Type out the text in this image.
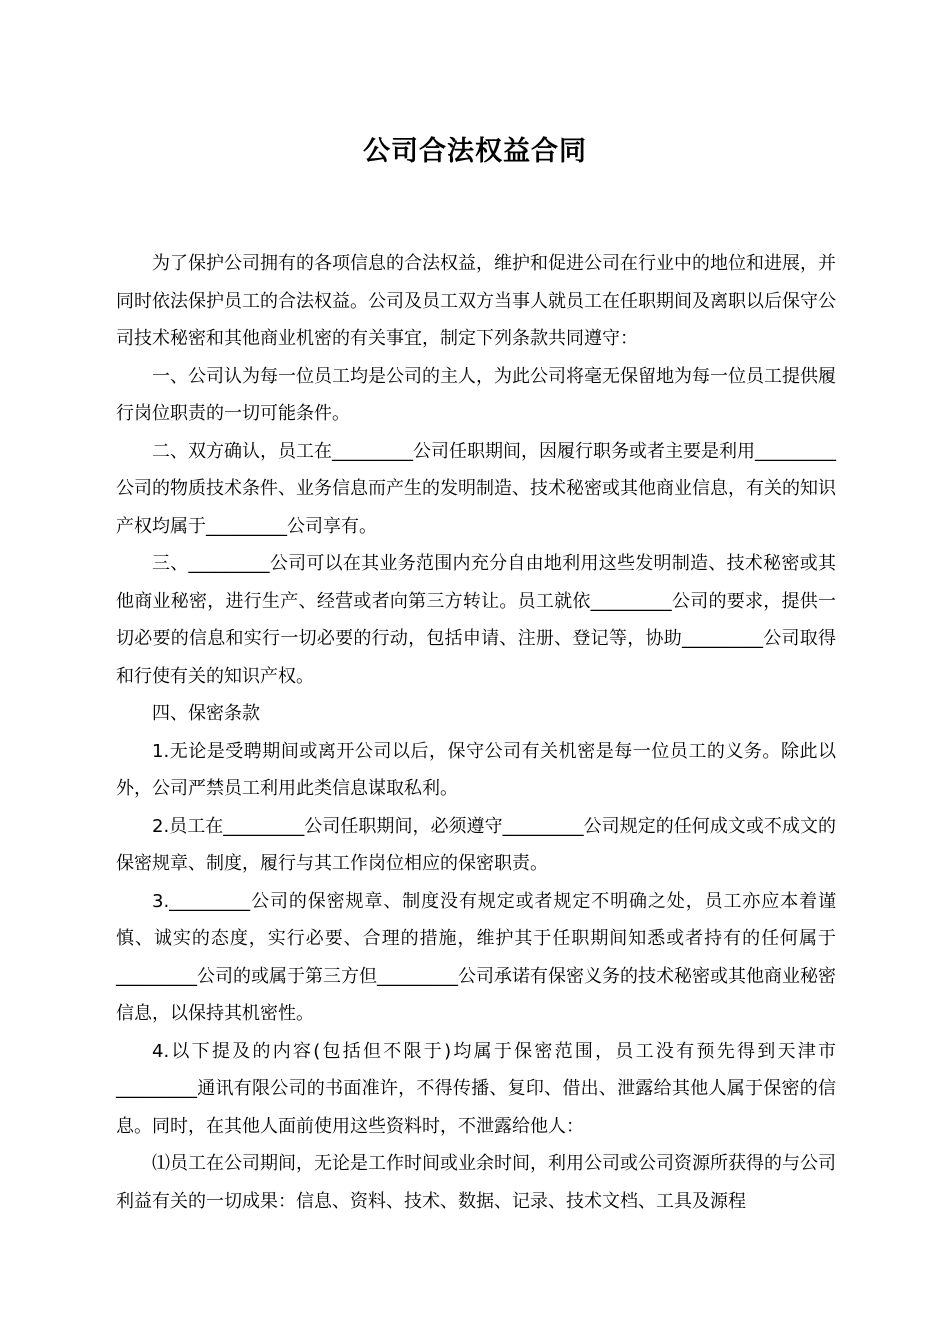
公司合法权益合同

为了保护公司拥有的各项信息的合法权益，维护和促进公司在行业中的地位和进展，并同时依法保护员工的合法权益。公司及员工双方当事人就员工在任职期间及离职以后保守公司技术秘密和其他商业机密的有关事宜，制定下列条款共同遵守：

一、公司认为每一位员工均是公司的主人，为此公司将毫无保留地为每一位员工提供履行岗位职责的一切可能条件。

二、双方确认，员工在_________公司任职期间，因履行职务或者主要是利用_________公司的物质技术条件、业务信息而产生的发明制造、技术秘密或其他商业信息，有关的知识产权均属于_________公司享有。

三、_________公司可以在其业务范围内充分自由地利用这些发明制造、技术秘密或其他商业秘密，进行生产、经营或者向第三方转让。员工就依_________公司的要求，提供一切必要的信息和实行一切必要的行动，包括申请、注册、登记等，协助_________公司取得和行使有关的知识产权。

四、保密条款

1.无论是受聘期间或离开公司以后，保守公司有关机密是每一位员工的义务。除此以外，公司严禁员工利用此类信息谋取私利。

2.员工在_________公司任职期间，必须遵守_________公司规定的任何成文或不成文的保密规章、制度，履行与其工作岗位相应的保密职责。

3._________公司的保密规章、制度没有规定或者规定不明确之处，员工亦应本着谨慎、诚实的态度，实行必要、合理的措施，维护其于任职期间知悉或者持有的任何属于_________公司的或属于第三方但_________公司承诺有保密义务的技术秘密或其他商业秘密信息，以保持其机密性。

4.以下提及的内容(包括但不限于)均属于保密范围，员工没有预先得到天津市_________通讯有限公司的书面准许，不得传播、复印、借出、泄露给其他人属于保密的信息。同时，在其他人面前使用这些资料时，不泄露给他人：

⑴员工在公司期间，无论是工作时间或业余时间，利用公司或公司资源所获得的与公司利益有关的一切成果：信息、资料、技术、数据、记录、技术文档、工具及源程
